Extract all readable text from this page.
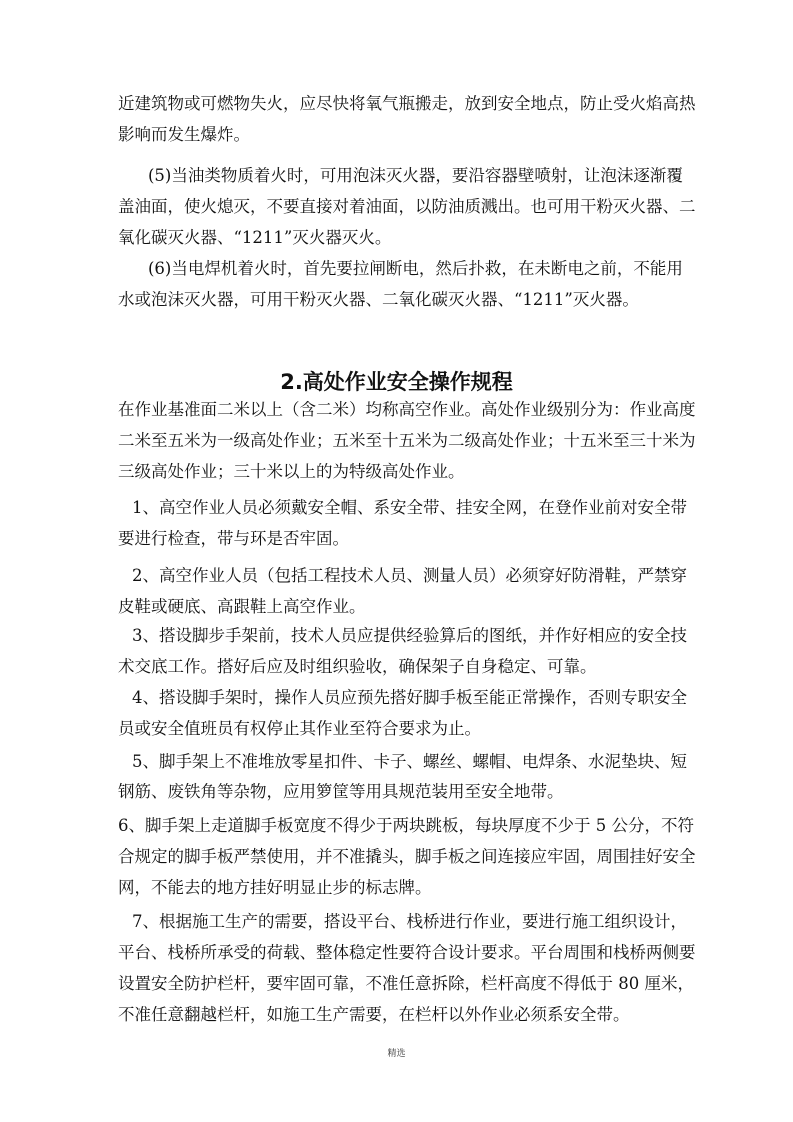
近建筑物或可燃物失火，应尽快将氧气瓶搬走，放到安全地点，防止受火焰高热
影响而发生爆炸。
(5)当油类物质着火时，可用泡沫灭火器，要沿容器壁喷射，让泡沫逐渐覆
盖油面，使火熄灭，不要直接对着油面，以防油质溅出。也可用干粉灭火器、二
氧化碳灭火器、“1211”灭火器灭火。
(6)当电焊机着火时，首先要拉闸断电，然后扑救，在未断电之前，不能用
水或泡沫灭火器，可用干粉灭火器、二氧化碳灭火器、“1211”灭火器。
2.高处作业安全操作规程
在作业基准面二米以上（含二米）均称高空作业。高处作业级别分为：作业高度
二米至五米为一级高处作业；五米至十五米为二级高处作业；十五米至三十米为
三级高处作业；三十米以上的为特级高处作业。
1、高空作业人员必须戴安全帽、系安全带、挂安全网，在登作业前对安全带
要进行检查，带与环是否牢固。
2、高空作业人员（包括工程技术人员、测量人员）必须穿好防滑鞋，严禁穿
皮鞋或硬底、高跟鞋上高空作业。
3、搭设脚步手架前，技术人员应提供经验算后的图纸，并作好相应的安全技
术交底工作。搭好后应及时组织验收，确保架子自身稳定、可靠。
4、搭设脚手架时，操作人员应预先搭好脚手板至能正常操作，否则专职安全
员或安全值班员有权停止其作业至符合要求为止。
5、脚手架上不准堆放零星扣件、卡子、螺丝、螺帽、电焊条、水泥垫块、短
钢筋、废铁角等杂物，应用箩筐等用具规范装用至安全地带。
6、脚手架上走道脚手板宽度不得少于两块跳板，每块厚度不少于 5 公分，不符
合规定的脚手板严禁使用，并不准撬头，脚手板之间连接应牢固，周围挂好安全
网，不能去的地方挂好明显止步的标志牌。
7、根据施工生产的需要，搭设平台、栈桥进行作业，要进行施工组织设计，
平台、栈桥所承受的荷载、整体稳定性要符合设计要求。平台周围和栈桥两侧要
设置安全防护栏杆，要牢固可靠，不准任意拆除，栏杆高度不得低于 80 厘米，
不准任意翻越栏杆，如施工生产需要，在栏杆以外作业必须系安全带。
精选
